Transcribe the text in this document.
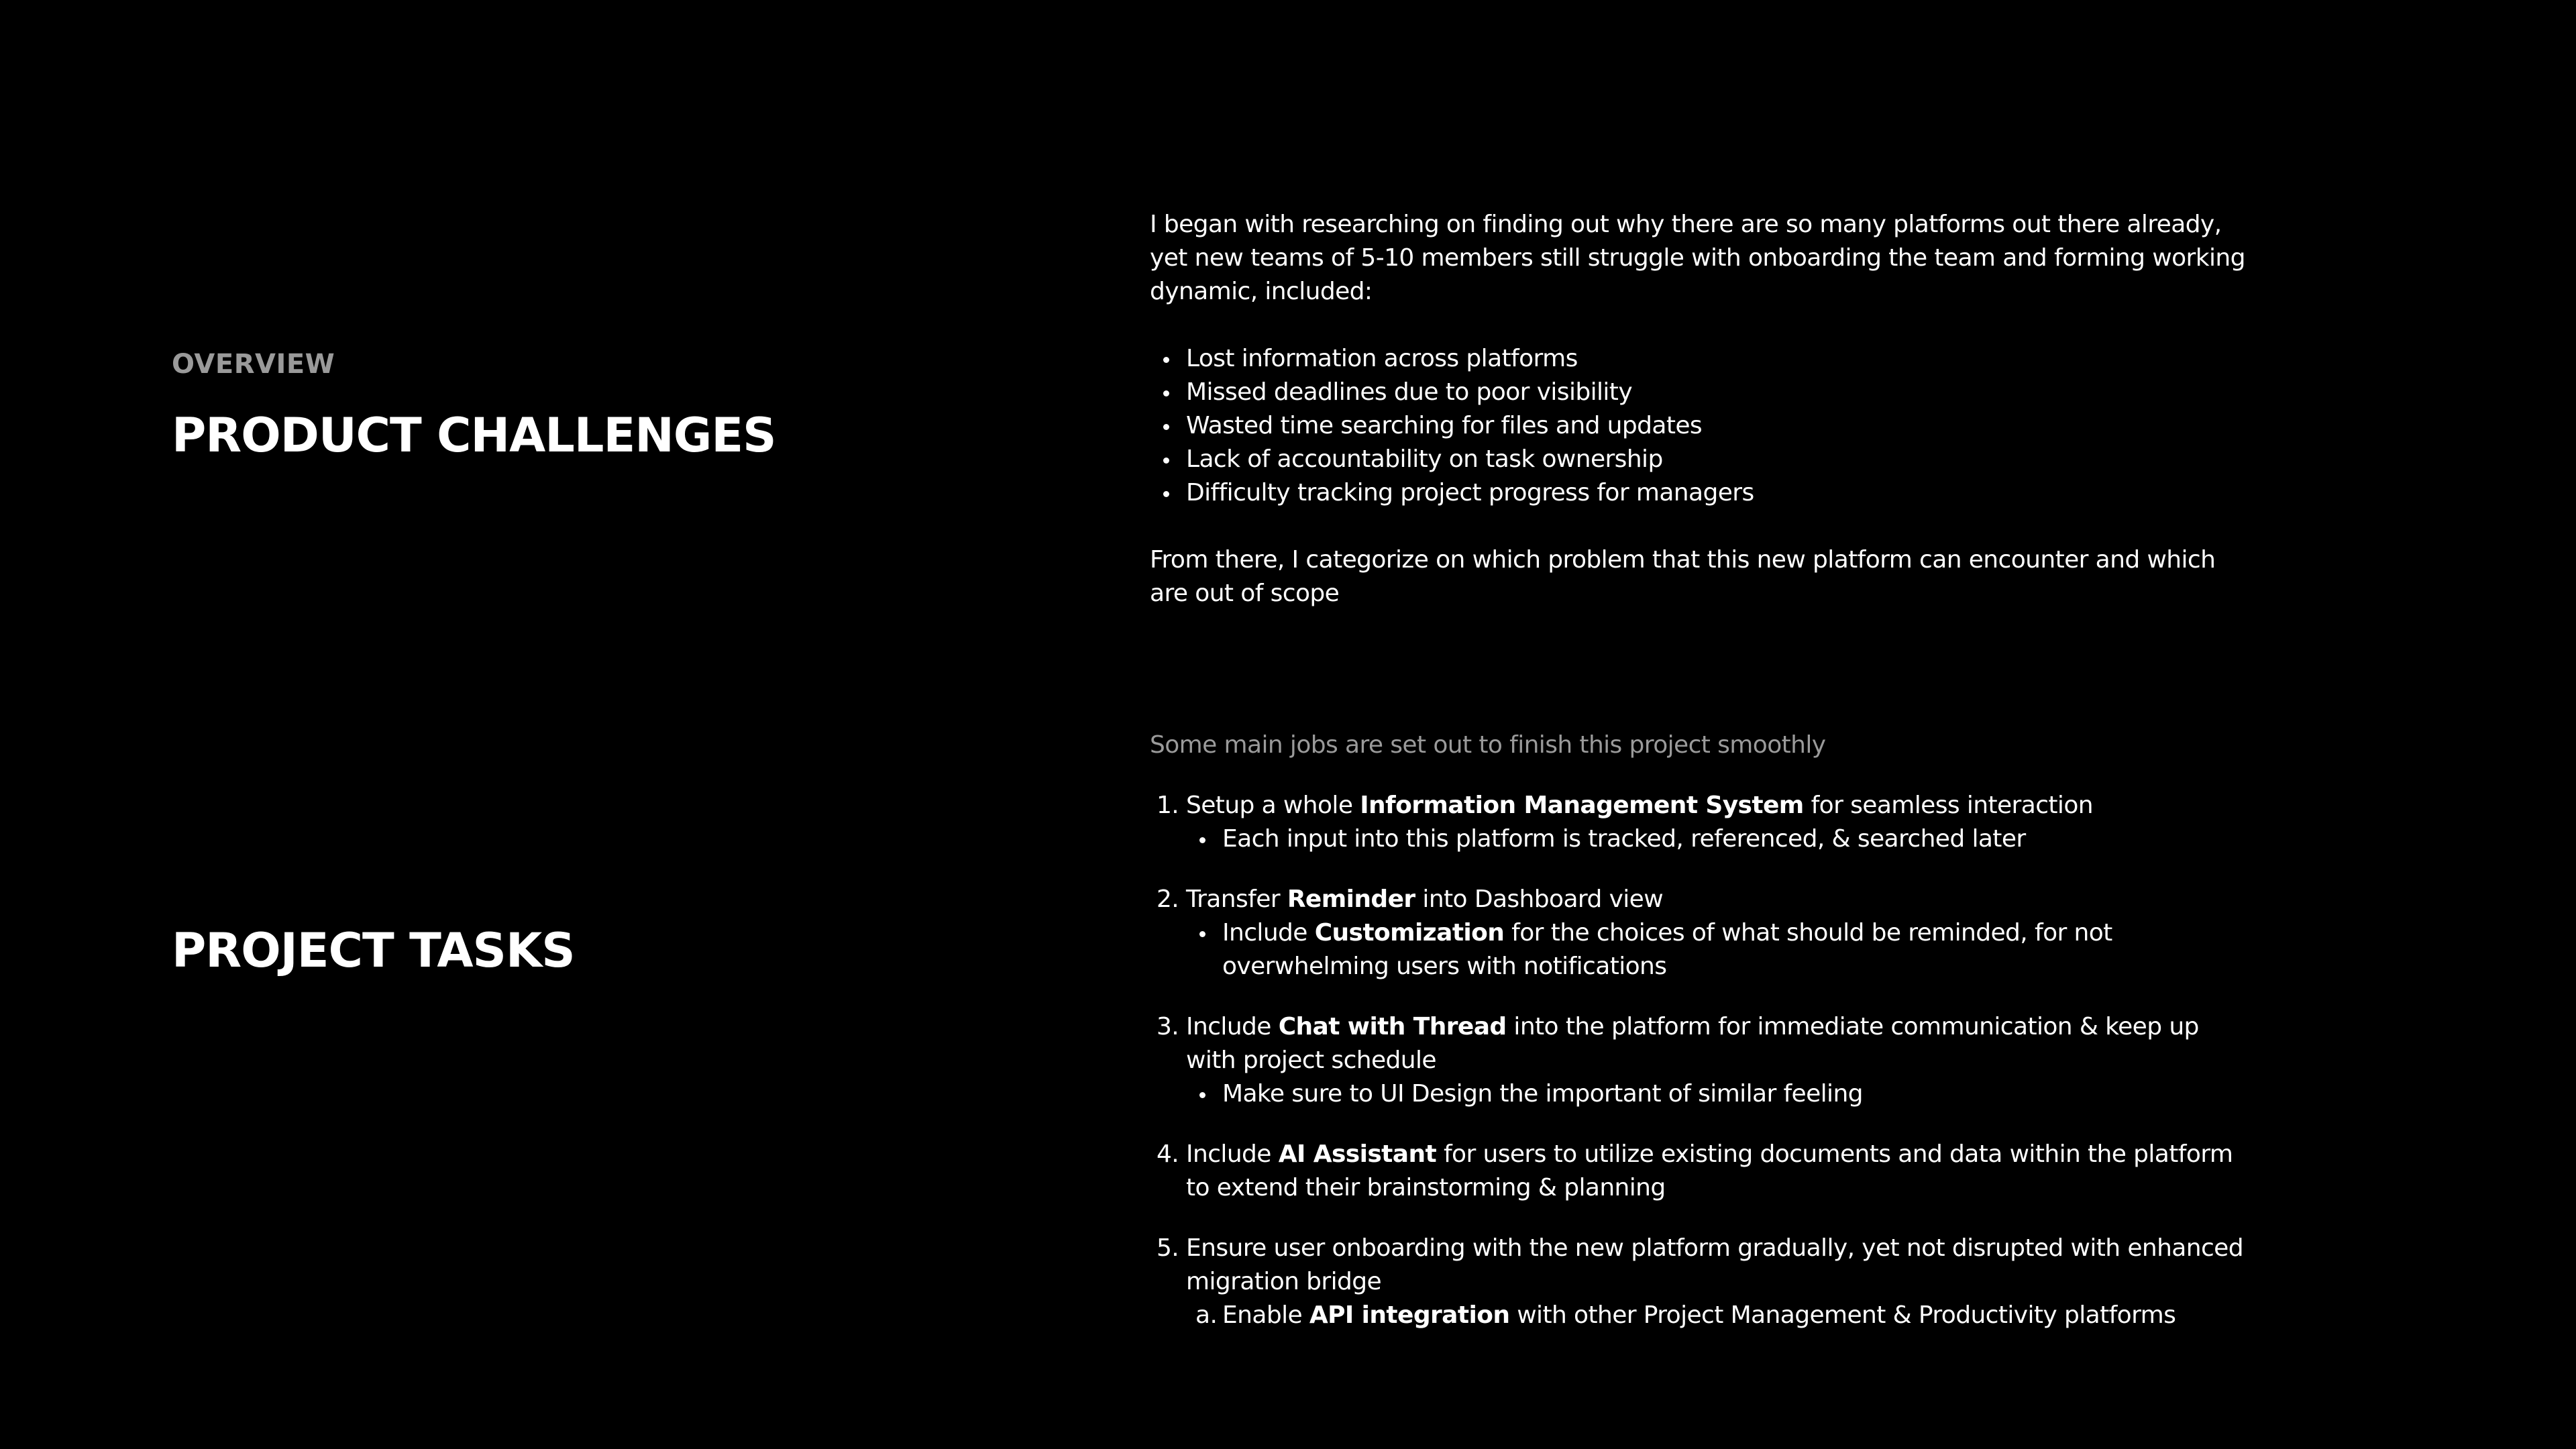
OVERVIEW
PRODUCT CHALLENGES
PROJECT TASKS

I began with researching on finding out why there are so many platforms out there already, yet new teams of 5-10 members still struggle with onboarding the team and forming working dynamic, included:

Lost information across platforms
Missed deadlines due to poor visibility
Wasted time searching for files and updates
Lack of accountability on task ownership
Difficulty tracking project progress for managers

From there, I categorize on which problem that this new platform can encounter and which are out of scope

Some main jobs are set out to finish this project smoothly

1. Setup a whole Information Management System for seamless interaction
Each input into this platform is tracked, referenced, & searched later
2. Transfer Reminder into Dashboard view
Include Customization for the choices of what should be reminded, for not overwhelming users with notifications
3. Include Chat with Thread into the platform for immediate communication & keep up with project schedule
Make sure to UI Design the important of similar feeling
4. Include AI Assistant for users to utilize existing documents and data within the platform to extend their brainstorming & planning
5. Ensure user onboarding with the new platform gradually, yet not disrupted with enhanced migration bridge
a. Enable API integration with other Project Management & Productivity platforms
